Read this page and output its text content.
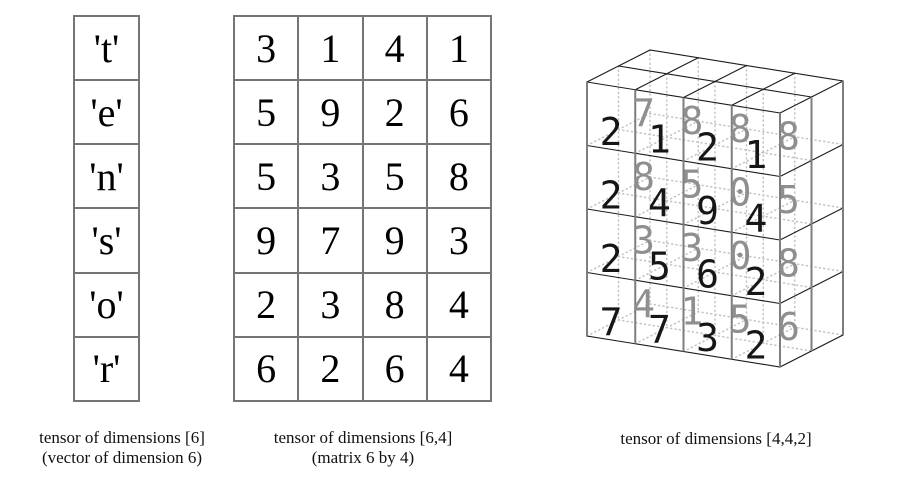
't'
'e'
'n'
's'
'o'
'r'
3	1	4	1
5	9	2	6
5	3	5	8
9	7	9	3
2	3	8	4
6	2	6	4
7 8 8 8
8 5 0 5
3 3 0 8
4 1 5 6
2 1 2 1
2 4 9 4
2 5 6 2
7 7 3 2
tensor of dimensions [6]
(vector of dimension 6)
tensor of dimensions [6,4]
(matrix 6 by 4)
tensor of dimensions [4,4,2]
